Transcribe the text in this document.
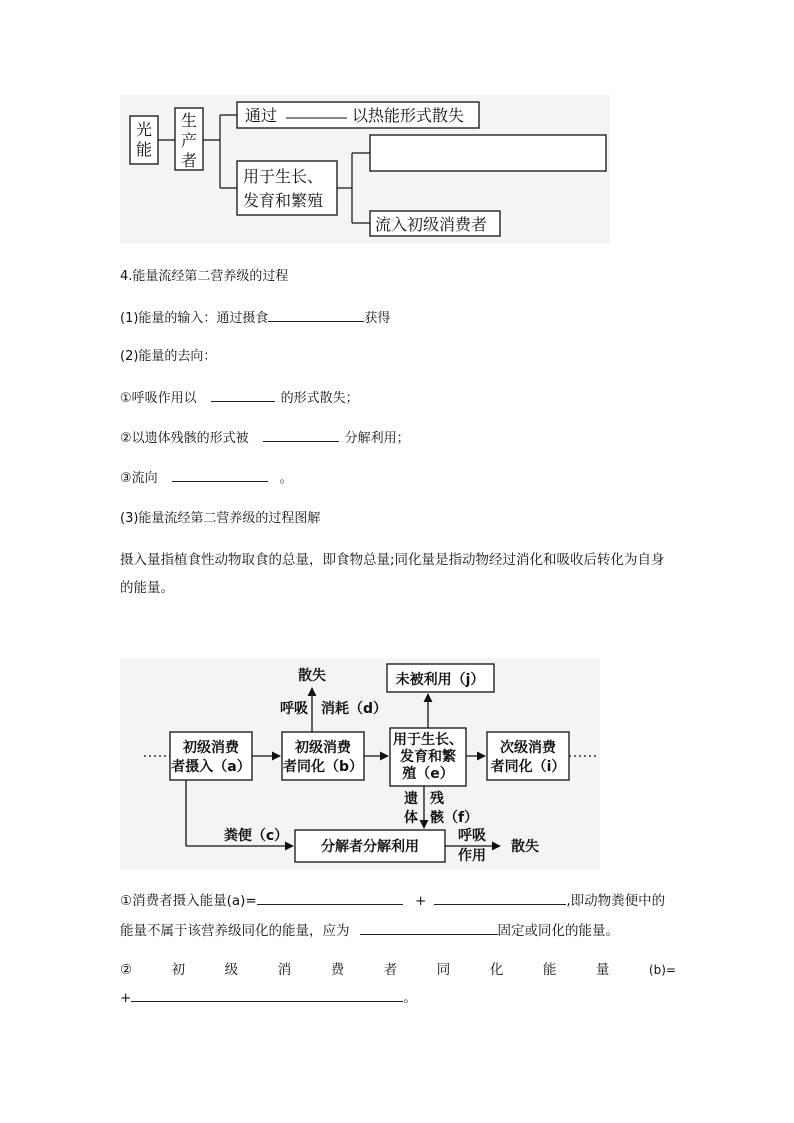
光
能
生
产
者
通过	以热能形式散失
用于生长、
发育和繁殖
流入初级消费者
4.能量流经第二营养级的过程
(1)能量的输入：通过摄食	获得
(2)能量的去向：
①呼吸作用以	的形式散失；
②以遗体残骸的形式被	分解利用；
③流向	。
(3)能量流经第二营养级的过程图解
摄入量指植食性动物取食的总量，即食物总量;同化量是指动物经过消化和吸收后转化为自身的能量。
散失	未被利用（j）
呼吸 消耗（d）
初级消费
者摄入（a）
初级消费
者同化（b）
用于生长、
发育和繁
殖（e）
次级消费
者同化（i）
遗
体
残
骸（f）
粪便（c）
分解者分解利用
呼吸
作用
散失
①消费者摄入能量(a)=	+	,即动物粪便中的
能量不属于该营养级同化的能量，应为	固定或同化的能量。
②	初	级	消	费	者	同	化	能	量	(b)=
+	。
